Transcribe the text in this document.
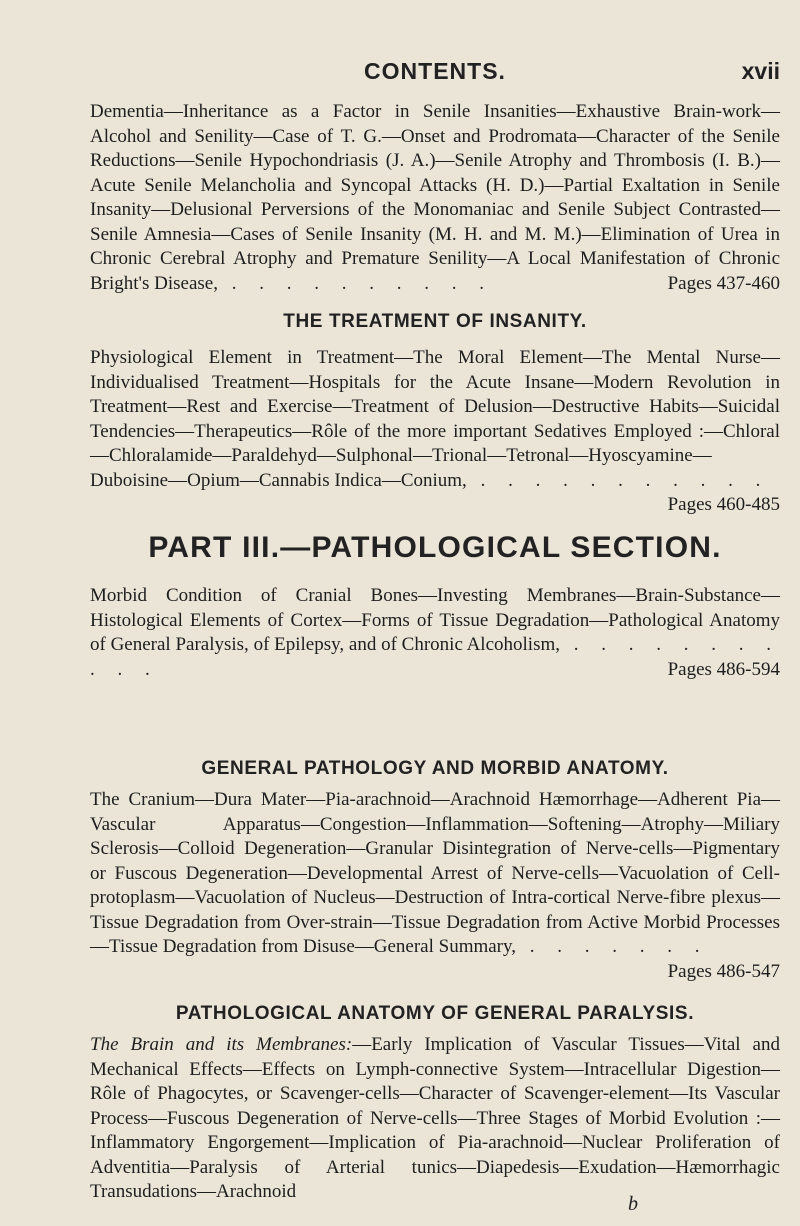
CONTENTS.	xvii
Dementia—Inheritance as a Factor in Senile Insanities—Exhaustive Brain-work—Alcohol and Senility—Case of T. G.—Onset and Prodromata—Character of the Senile Reductions—Senile Hypochondriasis (J. A.)—Senile Atrophy and Thrombosis (I. B.)—Acute Senile Melancholia and Syncopal Attacks (H. D.)—Partial Exaltation in Senile Insanity—Delusional Perversions of the Monomaniac and Senile Subject Contrasted—Senile Amnesia—Cases of Senile Insanity (M. H. and M. M.)—Elimination of Urea in Chronic Cerebral Atrophy and Premature Senility—A Local Manifestation of Chronic Bright's Disease, . . . . . . . . . .	Pages 437-460
THE TREATMENT OF INSANITY.
Physiological Element in Treatment—The Moral Element—The Mental Nurse—Individualised Treatment—Hospitals for the Acute Insane—Modern Revolution in Treatment—Rest and Exercise—Treatment of Delusion—Destructive Habits—Suicidal Tendencies—Therapeutics—Rôle of the more important Sedatives Employed :—Chloral—Chloralamide—Paraldehyd—Sulphonal—Trional—Tetronal—Hyoscyamine—Duboisine—Opium—Cannabis Indica—Conium, . . . . . . . . . . .
Pages 460-485
PART III.—PATHOLOGICAL SECTION.
Morbid Condition of Cranial Bones—Investing Membranes—Brain-Substance—Histological Elements of Cortex—Forms of Tissue Degradation—Pathological Anatomy of General Paralysis, of Epilepsy, and of Chronic Alcoholism, . . . . . . . . . . .	Pages 486-594
GENERAL PATHOLOGY AND MORBID ANATOMY.
The Cranium—Dura Mater—Pia-arachnoid—Arachnoid Hæmorrhage—Adherent Pia—Vascular Apparatus—Congestion—Inflammation—Softening—Atrophy—Miliary Sclerosis—Colloid Degeneration—Granular Disintegration of Nerve-cells—Pigmentary or Fuscous Degeneration—Developmental Arrest of Nerve-cells—Vacuolation of Cell-protoplasm—Vacuolation of Nucleus—Destruction of Intra-cortical Nerve-fibre plexus—Tissue Degradation from Over-strain—Tissue Degradation from Active Morbid Processes—Tissue Degradation from Disuse—General Summary, . . . . . . .
Pages 486-547
PATHOLOGICAL ANATOMY OF GENERAL PARALYSIS.
The Brain and its Membranes:—Early Implication of Vascular Tissues—Vital and Mechanical Effects—Effects on Lymph-connective System—Intracellular Digestion—Rôle of Phagocytes, or Scavenger-cells—Character of Scavenger-element—Its Vascular Process—Fuscous Degeneration of Nerve-cells—Three Stages of Morbid Evolution :—Inflammatory Engorgement—Implication of Pia-arachnoid—Nuclear Proliferation of Adventitia—Paralysis of Arterial tunics—Diapedesis—Exudation—Hæmorrhagic Transudations—Arachnoid
b
